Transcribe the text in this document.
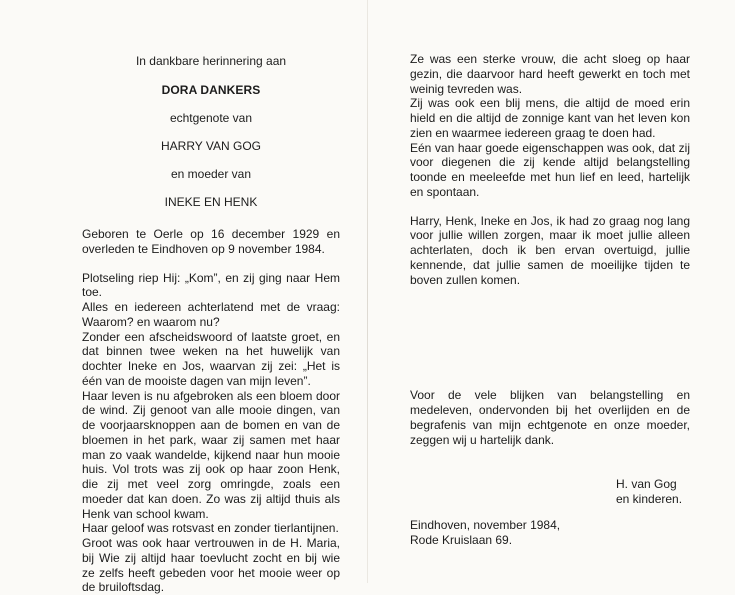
In dankbare herinnering aan

DORA DANKERS

echtgenote van

HARRY VAN GOG

en moeder van

INEKE EN HENK

Geboren te Oerle op 16 december 1929 en overleden te Eindhoven op 9 november 1984.

Plotseling riep Hij: „Kom”, en zij ging naar Hem toe.

Alles en iedereen achterlatend met de vraag: Waarom? en waarom nu?

Zonder een afscheidswoord of laatste groet, en dat binnen twee weken na het huwelijk van dochter Ineke en Jos, waarvan zij zei: „Het is één van de mooiste dagen van mijn leven”.

Haar leven is nu afgebroken als een bloem door de wind. Zij genoot van alle mooie dingen, van de voorjaarsknoppen aan de bomen en van de bloemen in het park, waar zij samen met haar man zo vaak wandelde, kijkend naar hun mooie huis. Vol trots was zij ook op haar zoon Henk, die zij met veel zorg omringde, zoals een moeder dat kan doen. Zo was zij altijd thuis als Henk van school kwam.

Haar geloof was rotsvast en zonder tierlantijnen.

Groot was ook haar vertrouwen in de H. Maria, bij Wie zij altijd haar toevlucht zocht en bij wie ze zelfs heeft gebeden voor het mooie weer op de bruiloftsdag.

Ze was een sterke vrouw, die acht sloeg op haar gezin, die daarvoor hard heeft gewerkt en toch met weinig tevreden was.

Zij was ook een blij mens, die altijd de moed erin hield en die altijd de zonnige kant van het leven kon zien en waarmee iedereen graag te doen had.

Eén van haar goede eigenschappen was ook, dat zij voor diegenen die zij kende altijd belangstelling toonde en meeleefde met hun lief en leed, hartelijk en spontaan.

Harry, Henk, Ineke en Jos, ik had zo graag nog lang voor jullie willen zorgen, maar ik moet jullie alleen achterlaten, doch ik ben ervan overtuigd, jullie kennende, dat jullie samen de moeilijke tijden te boven zullen komen.

Voor de vele blijken van belangstelling en medeleven, ondervonden bij het overlijden en de begrafenis van mijn echtgenote en onze moeder, zeggen wij u hartelijk dank.

H. van Gog
en kinderen.
Eindhoven, november 1984,
Rode Kruislaan 69.
